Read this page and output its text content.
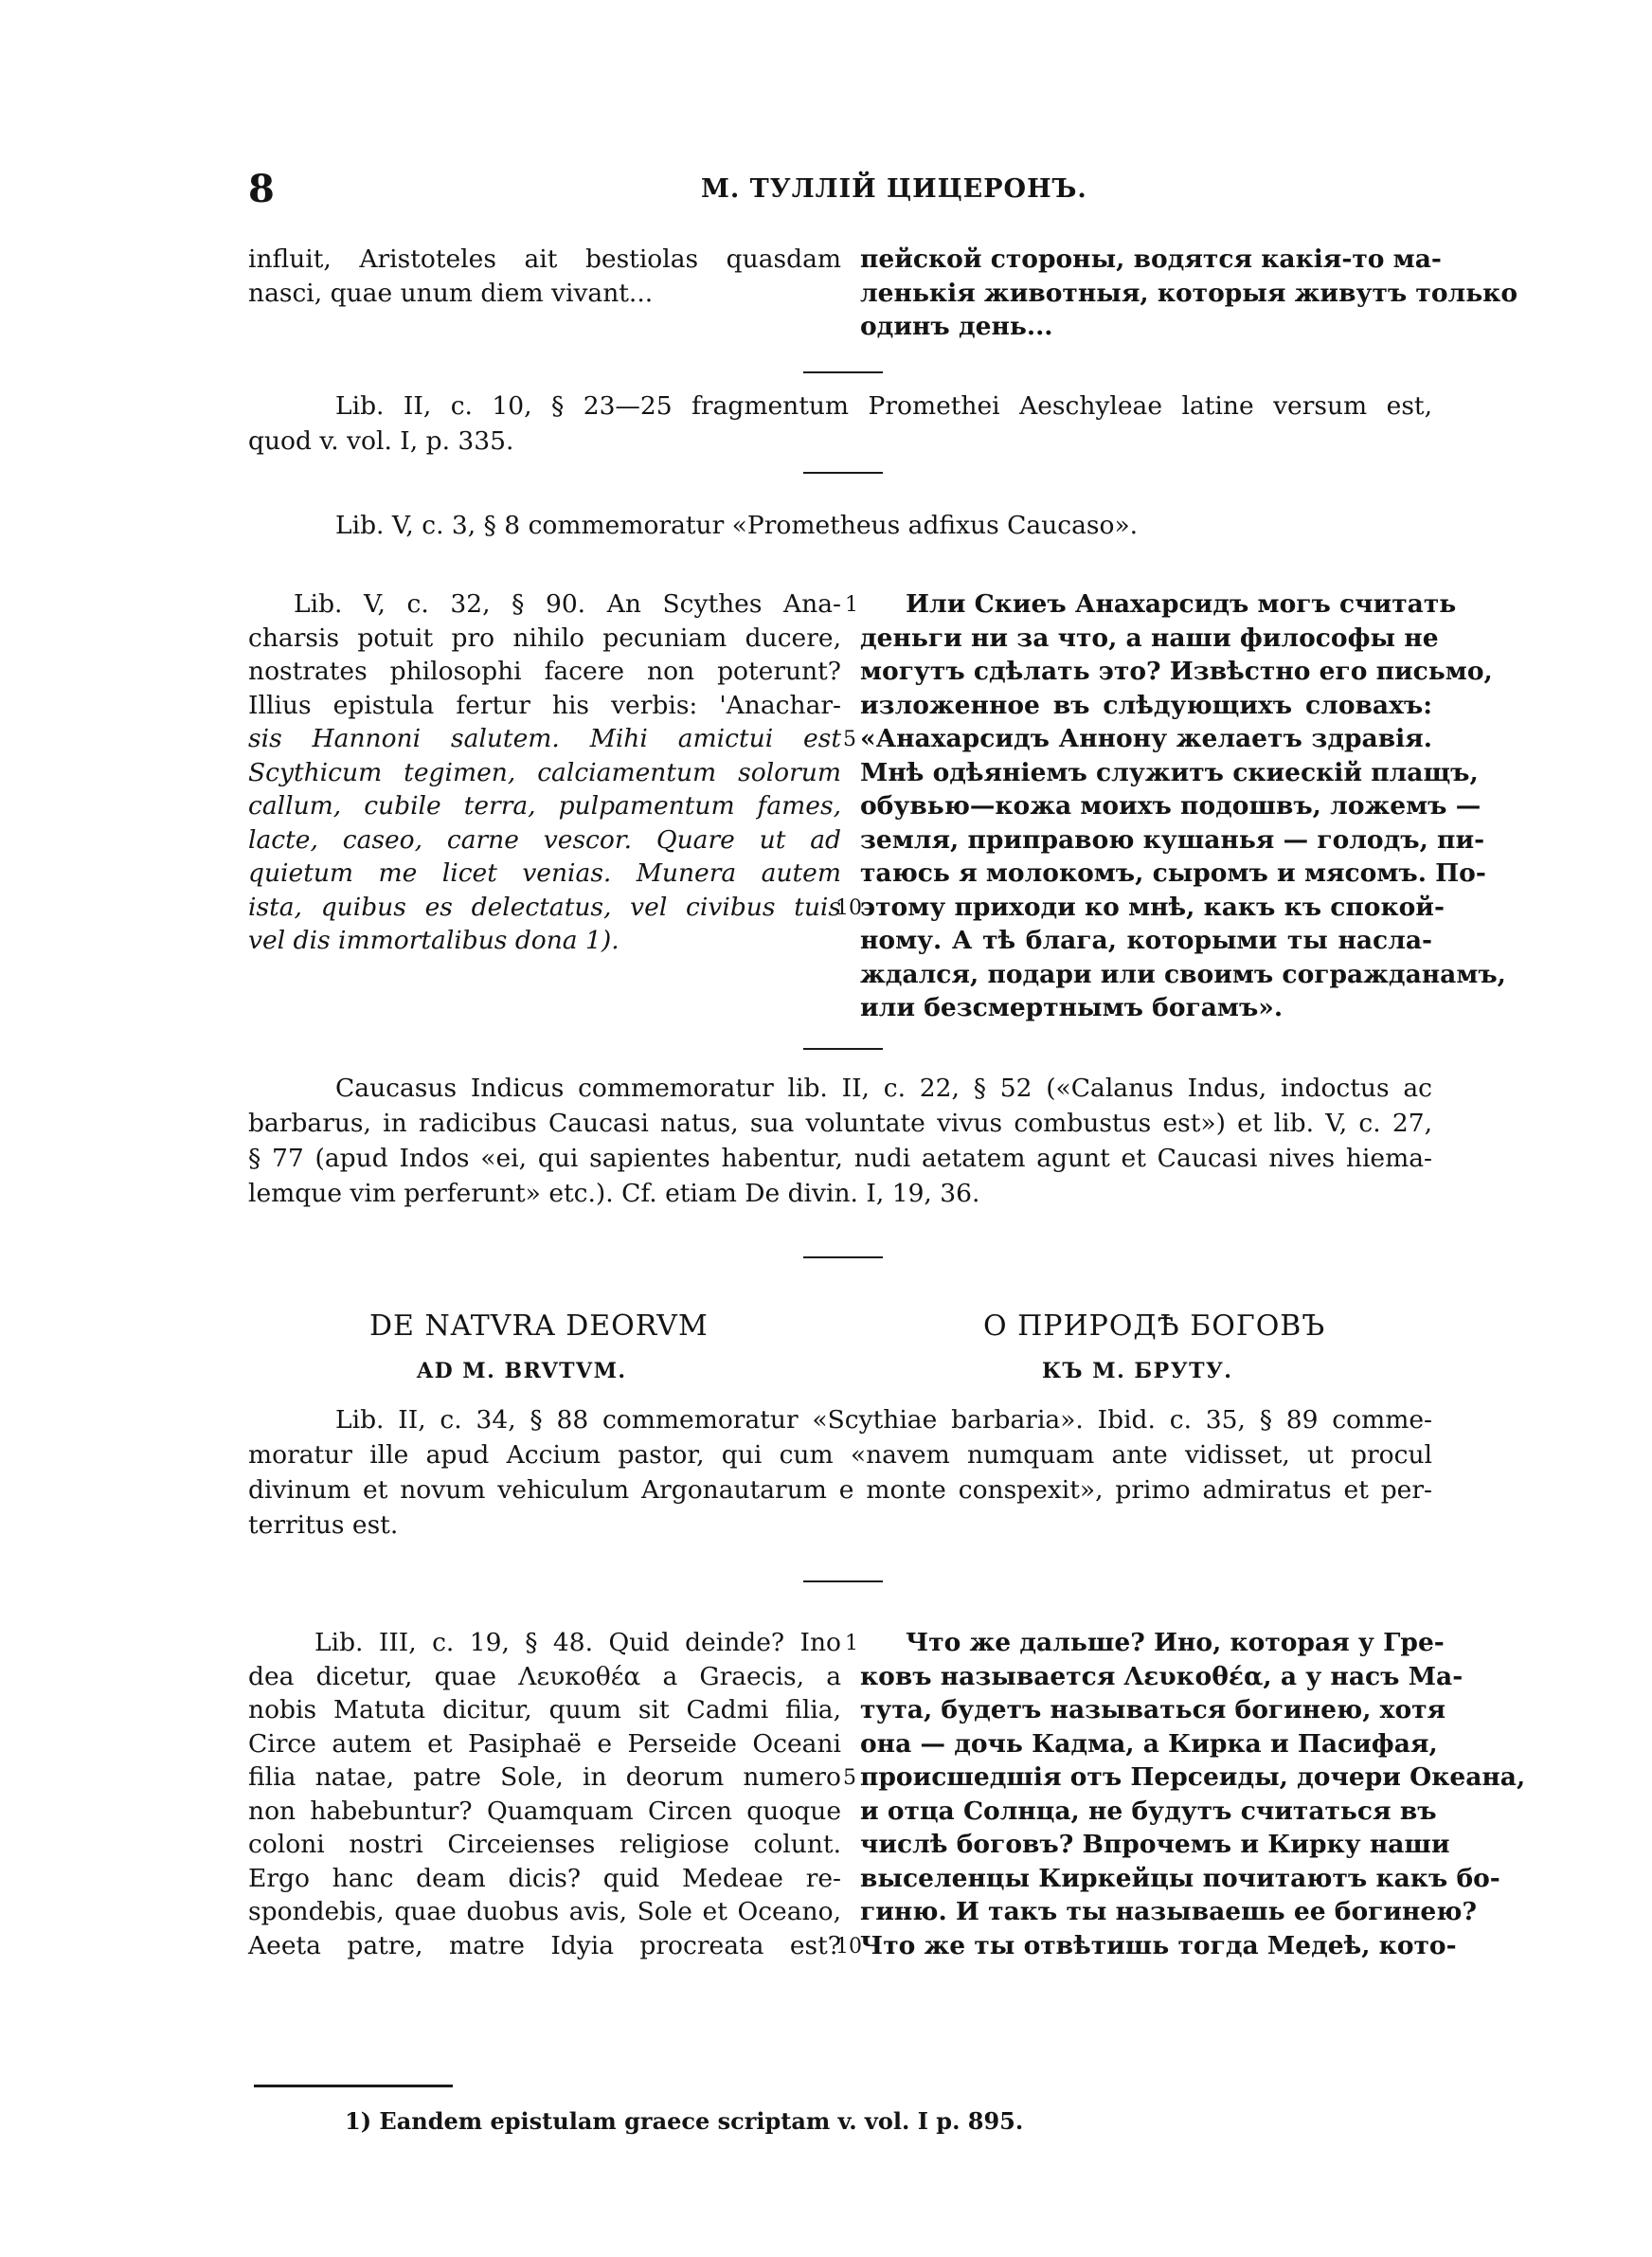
8	М. ТУЛЛІЙ ЦИЦЕРОНЪ.
influit, Aristoteles ait bestiolas quasdam
nasci, quae unum diem vivant...
пейской стороны, водятся какія-то ма-
ленькія животныя, которыя живутъ только
одинъ день...
Lib. II, c. 10, § 23—25 fragmentum Promethei Aeschyleae latine versum est,
quod v. vol. I, p. 335.
Lib. V, c. 3, § 8 commemoratur «Prometheus adfixus Caucaso».
Lib. V, c. 32, § 90. An Scythes Ana-
charsis potuit pro nihilo pecuniam ducere,
nostrates philosophi facere non poterunt?
Illius epistula fertur his verbis: 'Anachar-
sis Hannoni salutem. Mihi amictui est
Scythicum tegimen, calciamentum solorum
callum, cubile terra, pulpamentum fames,
lacte, caseo, carne vescor. Quare ut ad
quietum me licet venias. Munera autem
ista, quibus es delectatus, vel civibus tuis
vel dis immortalibus dona 1).
1
5
10
Или Скиеъ Анахарсидъ могъ считать
деньги ни за что, а наши философы не
могутъ сдѣлать это? Извѣстно его письмо,
изложенное въ слѣдующихъ словахъ:
«Анахарсидъ Аннону желаетъ здравія.
Мнѣ одѣяніемъ служитъ скиескій плащъ,
обувью—кожа моихъ подошвъ, ложемъ —
земля, приправою кушанья — голодъ, пи-
таюсь я молокомъ, сыромъ и мясомъ. По-
этому приходи ко мнѣ, какъ къ спокой-
ному. А тѣ блага, которыми ты насла-
ждался, подари или своимъ согражданамъ,
или безсмертнымъ богамъ».
Caucasus Indicus commemoratur lib. II, c. 22, § 52 («Calanus Indus, indoctus ac
barbarus, in radicibus Caucasi natus, sua voluntate vivus combustus est») et lib. V, c. 27,
§ 77 (apud Indos «ei, qui sapientes habentur, nudi aetatem agunt et Caucasi nives hiema-
lemque vim perferunt» etc.). Cf. etiam De divin. I, 19, 36.
DE NATVRA DEORVM
AD M. BRVTVM.
О ПРИРОДѢ БОГОВЪ
КЪ М. БРУТУ.
Lib. II, c. 34, § 88 commemoratur «Scythiae barbaria». Ibid. c. 35, § 89 comme-
moratur ille apud Accium pastor, qui cum «navem numquam ante vidisset, ut procul
divinum et novum vehiculum Argonautarum e monte conspexit», primo admiratus et per-
territus est.
Lib. III, c. 19, § 48. Quid deinde? Ino
dea dicetur, quae Λευκοθέα a Graecis, a
nobis Matuta dicitur, quum sit Cadmi filia,
Circe autem et Pasiphaë e Perseide Oceani
filia natae, patre Sole, in deorum numero
non habebuntur? Quamquam Circen quoque
coloni nostri Circeienses religiose colunt.
Ergo hanc deam dicis? quid Medeae re-
spondebis, quae duobus avis, Sole et Oceano,
Aeeta patre, matre Idyia procreata est?
1
5
10
Что же дальше? Ино, которая у Гре-
ковъ называется Λευκοθέα, а у насъ Ма-
тута, будетъ называться богинею, хотя
она — дочь Кадма, а Кирка и Пасифая,
происшедшія отъ Персеиды, дочери Океана,
и отца Солнца, не будутъ считаться въ
числѣ боговъ? Впрочемъ и Кирку наши
выселенцы Киркейцы почитаютъ какъ бо-
гиню. И такъ ты называешь ее богинею?
Что же ты отвѣтишь тогда Медеѣ, кото-
1) Eandem epistulam graece scriptam v. vol. I p. 895.
